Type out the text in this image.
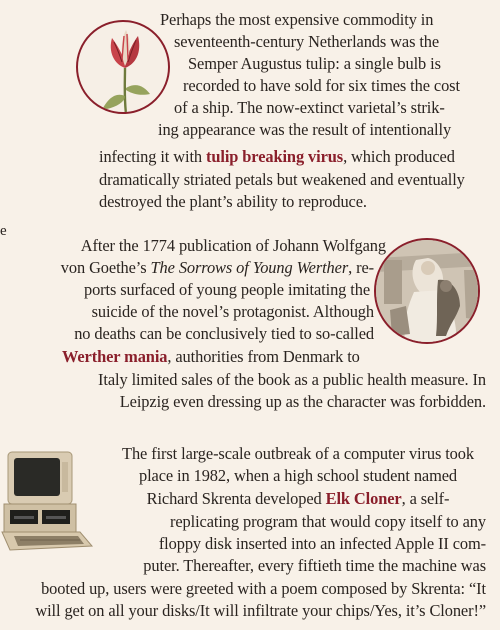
e
Perhaps the most expensive commodity in
seventeenth-century Netherlands was the
Semper Augustus tulip: a single bulb is
recorded to have sold for six times the cost
of a ship. The now-extinct varietal’s strik-
ing appearance was the result of intentionally
infecting it with tulip breaking virus, which produced
dramatically striated petals but weakened and eventually
destroyed the plant’s ability to reproduce.
After the 1774 publication of Johann Wolfgang
von Goethe’s The Sorrows of Young Werther, re-
ports surfaced of young people imitating the
suicide of the novel’s protagonist. Although
no deaths can be conclusively tied to so-called
Werther mania, authorities from Denmark to
Italy limited sales of the book as a public health measure. In
Leipzig even dressing up as the character was forbidden.
The first large-scale outbreak of a computer virus took
place in 1982, when a high school student named
Richard Skrenta developed Elk Cloner, a self-
replicating program that would copy itself to any
floppy disk inserted into an infected Apple II com-
puter. Thereafter, every fiftieth time the machine was
booted up, users were greeted with a poem composed by Skrenta: “It
will get on all your disks/It will infiltrate your chips/Yes, it’s Cloner!”
